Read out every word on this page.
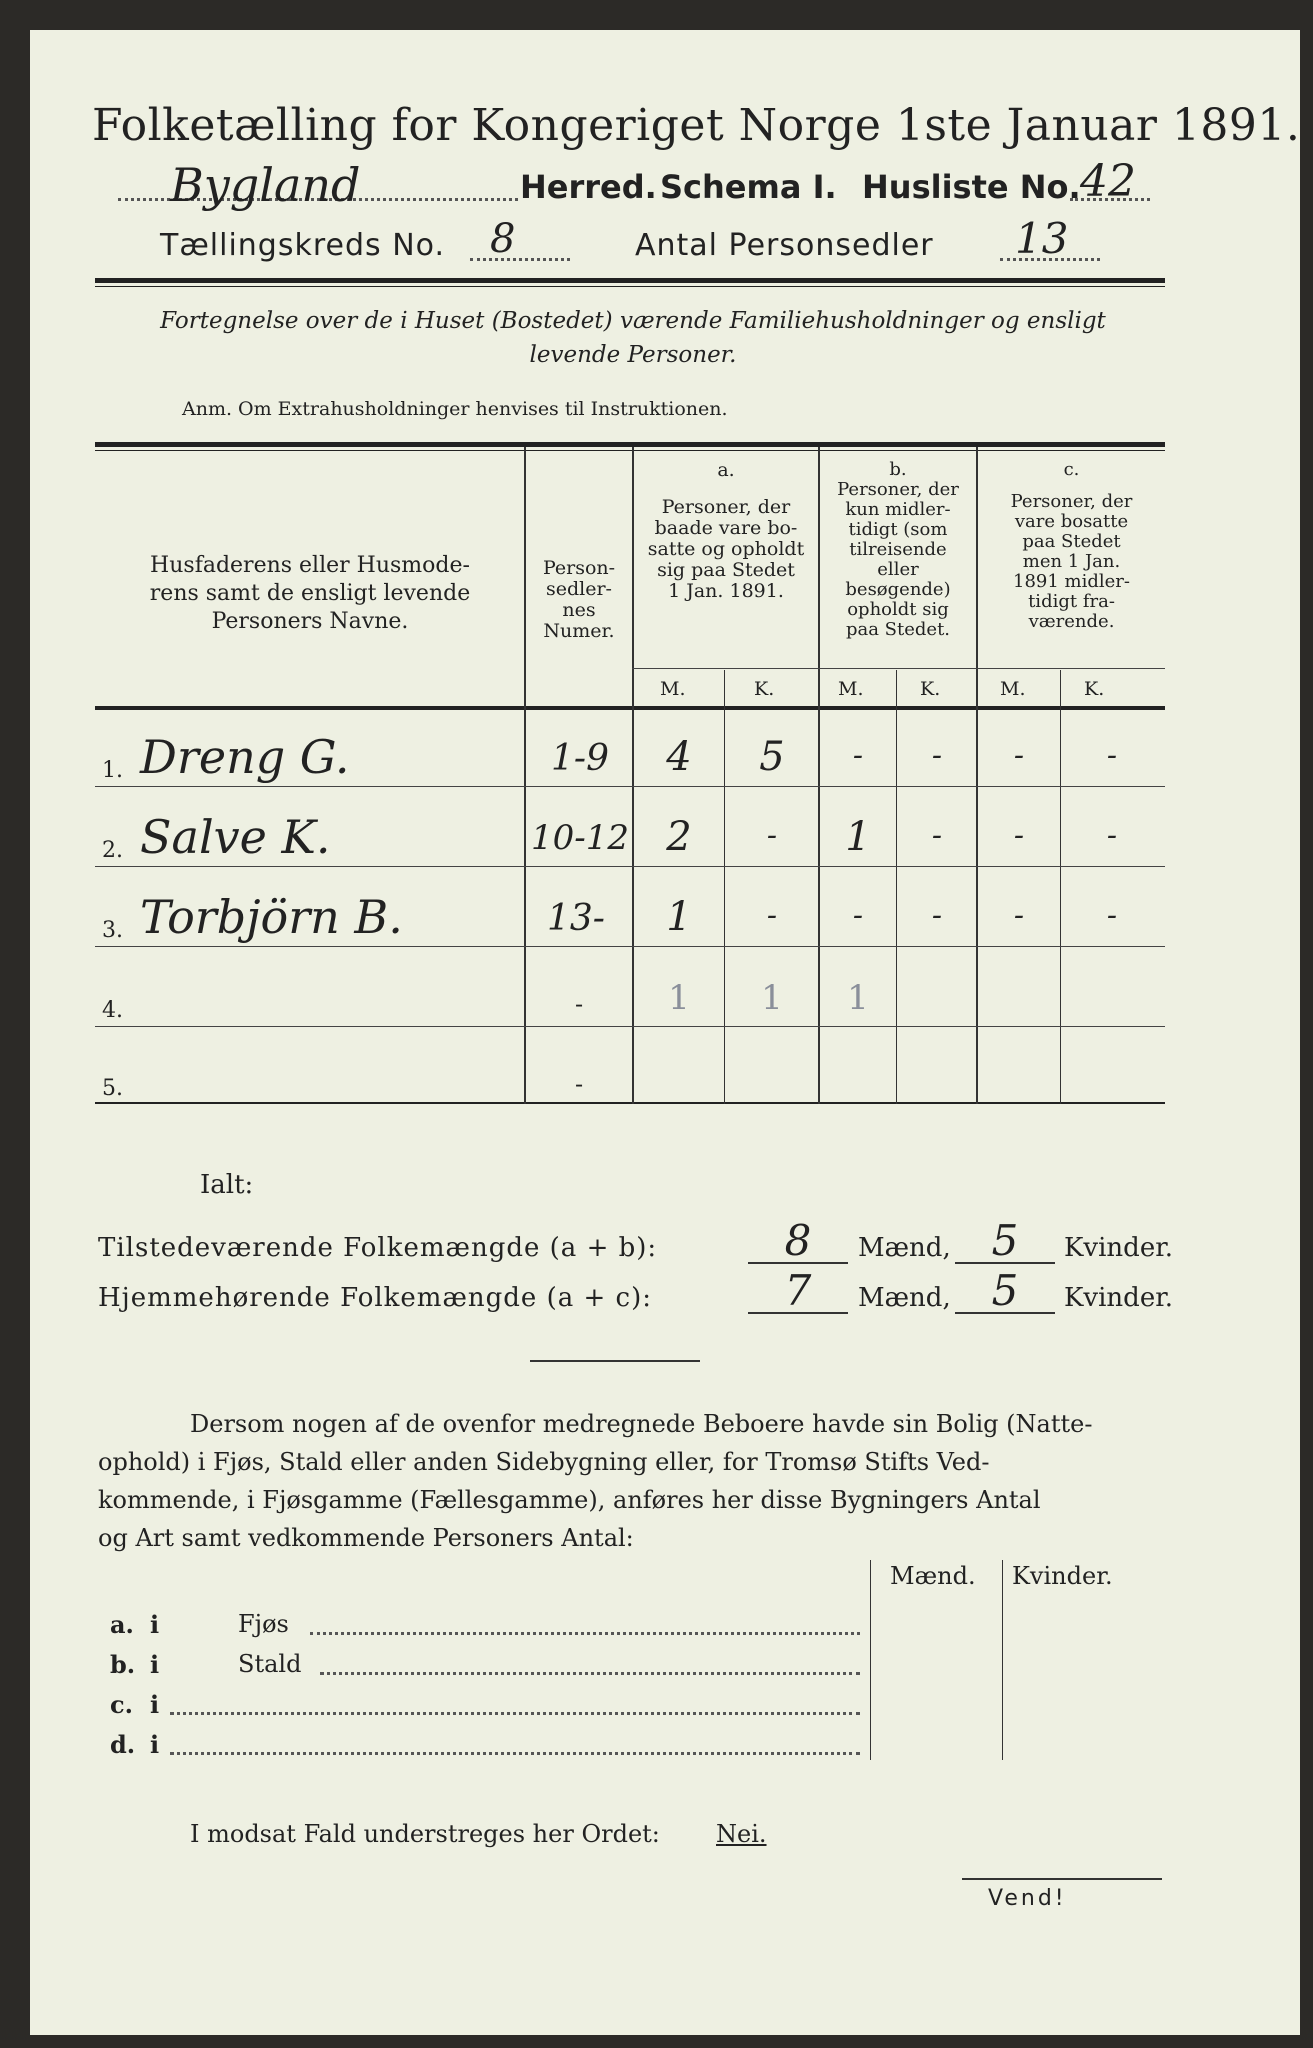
Folketælling for Kongeriget Norge 1ste Januar 1891.
Bygland	Herred. Schema I. Husliste No. 42
Tællingskreds No. 8	Antal Personsedler 13
Fortegnelse over de i Huset (Bostedet) værende Familiehusholdninger og ensligt
levende Personer.
Anm. Om Extrahusholdninger henvises til Instruktionen.
Husfaderens eller Husmode-
rens samt de ensligt levende
Personers Navne.
Person-
sedler-
nes
Numer.
a.
Personer, der
baade vare bo-
satte og opholdt
sig paa Stedet
1 Jan. 1891.
b.
Personer, der
kun midler-
tidigt (som
tilreisende
eller
besøgende)
opholdt sig
paa Stedet.
c.
Personer, der
vare bosatte
paa Stedet
men 1 Jan.
1891 midler-
tidigt fra-
værende.
M.	K.	M.	K.	M.	K.
1. Dreng G.	1-9	4	5	-	-	-	-
2. Salve K.	10-12 2	-	1	-	-	-
3. Torbjörn B.	13-	1	-	-	-	-	-
4.	-	1	1	1
5.	-
Ialt:
Tilstedeværende Folkemængde (a + b):	8	Mænd, 5	Kvinder.
Hjemmehørende Folkemængde (a + c):	7	Mænd, 5	Kvinder.
Dersom nogen af de ovenfor medregnede Beboere havde sin Bolig (Natte-
ophold) i Fjøs, Stald eller anden Sidebygning eller, for Tromsø Stifts Ved-
kommende, i Fjøsgamme (Fællesgamme), anføres her disse Bygningers Antal
og Art samt vedkommende Personers Antal:
Mænd. Kvinder.
a. i	Fjøs
b. i	Stald
c. i
d. i
I modsat Fald understreges her Ordet: Nei.
Vend!
